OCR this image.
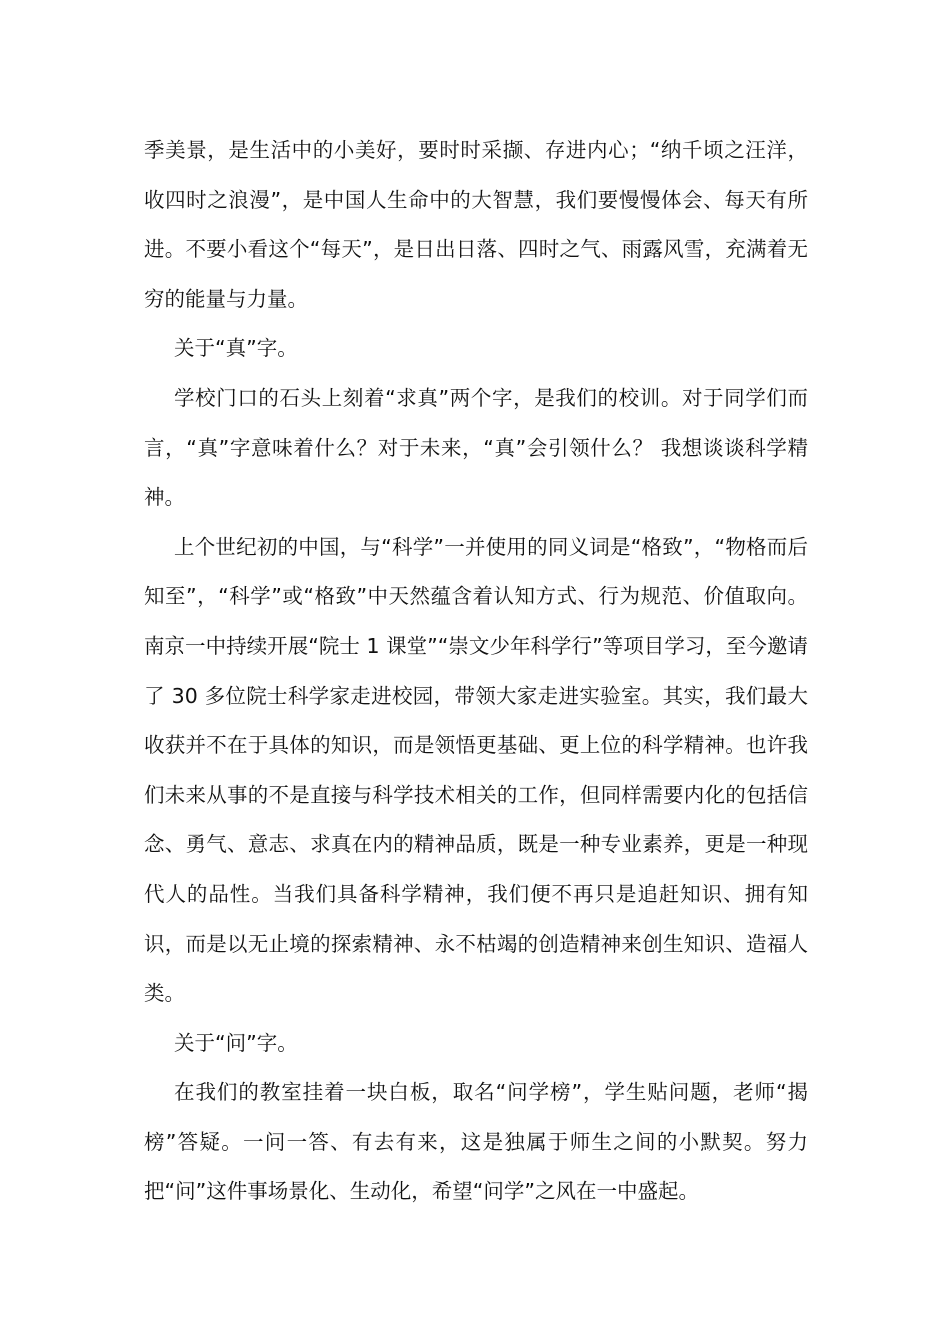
季美景，是生活中的小美好，要时时采撷、存进内心；“纳千顷之汪洋，收四时之浪漫”，是中国人生命中的大智慧，我们要慢慢体会、每天有所进。不要小看这个“每天”，是日出日落、四时之气、雨露风雪，充满着无穷的能量与力量。

关于“真”字。

学校门口的石头上刻着“求真”两个字，是我们的校训。对于同学们而言，“真”字意味着什么？对于未来，“真”会引领什么？ 我想谈谈科学精神。

上个世纪初的中国，与“科学”一并使用的同义词是“格致”，“物格而后知至”，“科学”或“格致”中天然蕴含着认知方式、行为规范、价值取向。南京一中持续开展“院士 1 课堂”“崇文少年科学行”等项目学习，至今邀请了 30 多位院士科学家走进校园，带领大家走进实验室。其实，我们最大收获并不在于具体的知识，而是领悟更基础、更上位的科学精神。也许我们未来从事的不是直接与科学技术相关的工作，但同样需要内化的包括信念、勇气、意志、求真在内的精神品质，既是一种专业素养，更是一种现代人的品性。当我们具备科学精神，我们便不再只是追赶知识、拥有知识，而是以无止境的探索精神、永不枯竭的创造精神来创生知识、造福人类。

关于“问”字。

在我们的教室挂着一块白板，取名“问学榜”，学生贴问题，老师“揭榜”答疑。一问一答、有去有来，这是独属于师生之间的小默契。努力把“问”这件事场景化、生动化，希望“问学”之风在一中盛起。
